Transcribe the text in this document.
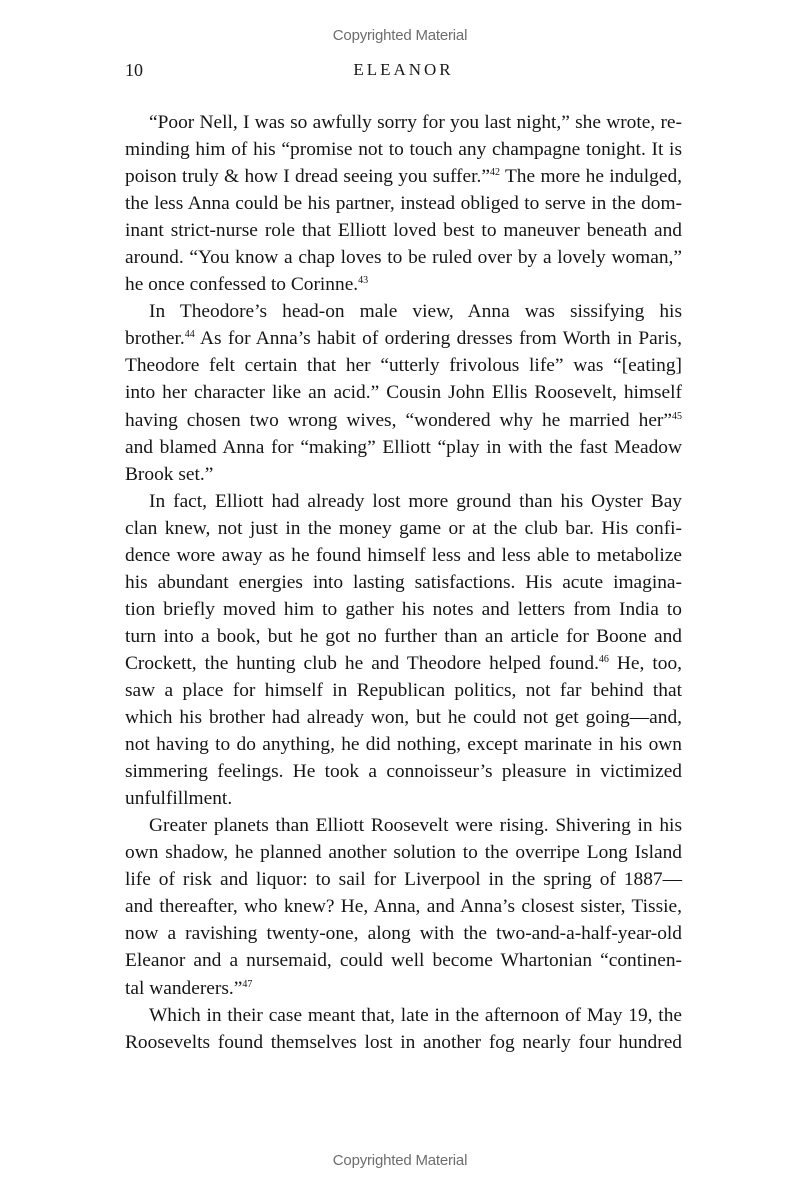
Copyrighted Material
10	ELEANOR
“Poor Nell, I was so awfully sorry for you last night,” she wrote, re-
minding him of his “promise not to touch any champagne tonight. It is
poison truly & how I dread seeing you suffer.”$^{42}$ The more he indulged,
the less Anna could be his partner, instead obliged to serve in the dom-
inant strict-nurse role that Elliott loved best to maneuver beneath and
around. “You know a chap loves to be ruled over by a lovely woman,”
he once confessed to Corinne.$^{43}$
In Theodore’s head-on male view, Anna was sissifying his
brother.$^{44}$ As for Anna’s habit of ordering dresses from Worth in Paris,
Theodore felt certain that her “utterly frivolous life” was “[eating]
into her character like an acid.” Cousin John Ellis Roosevelt, himself
having chosen two wrong wives, “wondered why he married her”$^{45}$
and blamed Anna for “making” Elliott “play in with the fast Meadow
Brook set.”
In fact, Elliott had already lost more ground than his Oyster Bay
clan knew, not just in the money game or at the club bar. His confi-
dence wore away as he found himself less and less able to metabolize
his abundant energies into lasting satisfactions. His acute imagina-
tion briefly moved him to gather his notes and letters from India to
turn into a book, but he got no further than an article for Boone and
Crockett, the hunting club he and Theodore helped found.$^{46}$ He, too,
saw a place for himself in Republican politics, not far behind that
which his brother had already won, but he could not get going—and,
not having to do anything, he did nothing, except marinate in his own
simmering feelings. He took a connoisseur’s pleasure in victimized
unfulfillment.
Greater planets than Elliott Roosevelt were rising. Shivering in his
own shadow, he planned another solution to the overripe Long Island
life of risk and liquor: to sail for Liverpool in the spring of 1887—
and thereafter, who knew? He, Anna, and Anna’s closest sister, Tissie,
now a ravishing twenty-one, along with the two-and-a-half-year-old
Eleanor and a nursemaid, could well become Whartonian “continen-
tal wanderers.”$^{47}$
Which in their case meant that, late in the afternoon of May 19, the
Roosevelts found themselves lost in another fog nearly four hundred
Copyrighted Material
